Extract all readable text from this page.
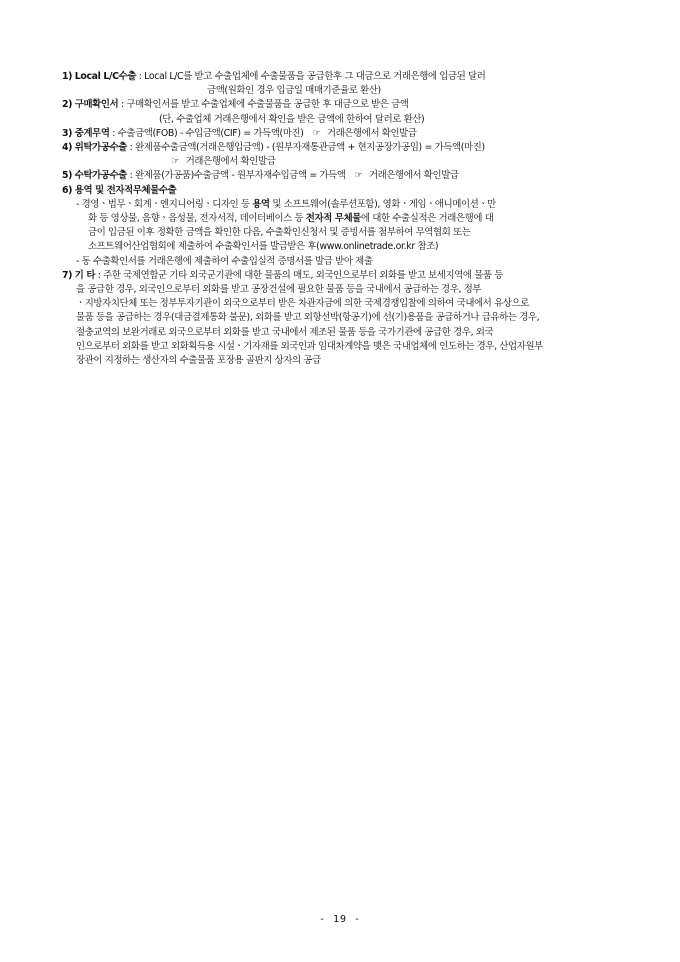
1) Local L/C수출 : Local L/C를 받고 수출업체에 수출물품을 공급한후 그 대금으로 거래은행에 입금된 달러
금액(원화인 경우 입금일 매매기준율로 환산)
2) 구매확인서 : 구매확인서를 받고 수출업체에 수출물품을 공급한 후 대금으로 받은 금액
(단, 수출업체 거래은행에서 확인을 받은 금액에 한하여 달러로 환산)
3) 중계무역 : 수출금액(FOB) - 수입금액(CIF) = 가득액(마진) ☞ 거래은행에서 확인발급
4) 위탁가공수출 : 완제품수출금액(거래은행입금액) - (원부자재통관금액 + 현지공장가공임) = 가득액(마진)
☞ 거래은행에서 확인발급
5) 수탁가공수출 : 완제품(가공품)수출금액 - 원부자재수입금액 = 가득액 ☞ 거래은행에서 확인발급
6) 용역 및 전자적무체물수출
- 경영ㆍ법무ㆍ회계ㆍ엔지니어링ㆍ디자인 등 용역 및 소프트웨어(솔루션포함), 영화ㆍ게임ㆍ애니메이션ㆍ만
화 등 영상물, 음향ㆍ음성물, 전자서적, 데이터베이스 등 전자적 무체물에 대한 수출실적은 거래은행에 대
금이 입금된 이후 정확한 금액을 확인한 다음, 수출확인신청서 및 증빙서를 첨부하여 무역협회 또는
소프트웨어산업협회에 제출하여 수출확인서를 발급받은 후(www.onlinetrade.or.kr 참조)
- 동 수출확인서를 거래은행에 제출하여 수출입실적 증명서를 발급 받아 제출
7) 기 타 : 주한 국제연합군 기타 외국군기관에 대한 물품의 매도, 외국인으로부터 외화를 받고 보세지역에 물품 등
을 공급한 경우, 외국인으로부터 외화를 받고 공장건설에 필요한 물품 등을 국내에서 공급하는 경우, 정부
ㆍ지방자치단체 또는 정부투자기관이 외국으로부터 받은 차관자금에 의한 국제경쟁입찰에 의하여 국내에서 유상으로
물품 등을 공급하는 경우(대금결제통화 불문), 외화를 받고 외항선박(항공기)에 선(기)용품을 공급하거나 급유하는 경우,
절충교역의 보완거래로 외국으로부터 외화를 받고 국내에서 제조된 물품 등을 국가기관에 공급한 경우, 외국
인으로부터 외화를 받고 외화획득용 시설ㆍ기자재를 외국인과 임대차계약을 맺은 국내업체에 인도하는 경우, 산업자원부
장관이 지정하는 생산자의 수출물품 포장용 골판지 상자의 공급
- 19 -
